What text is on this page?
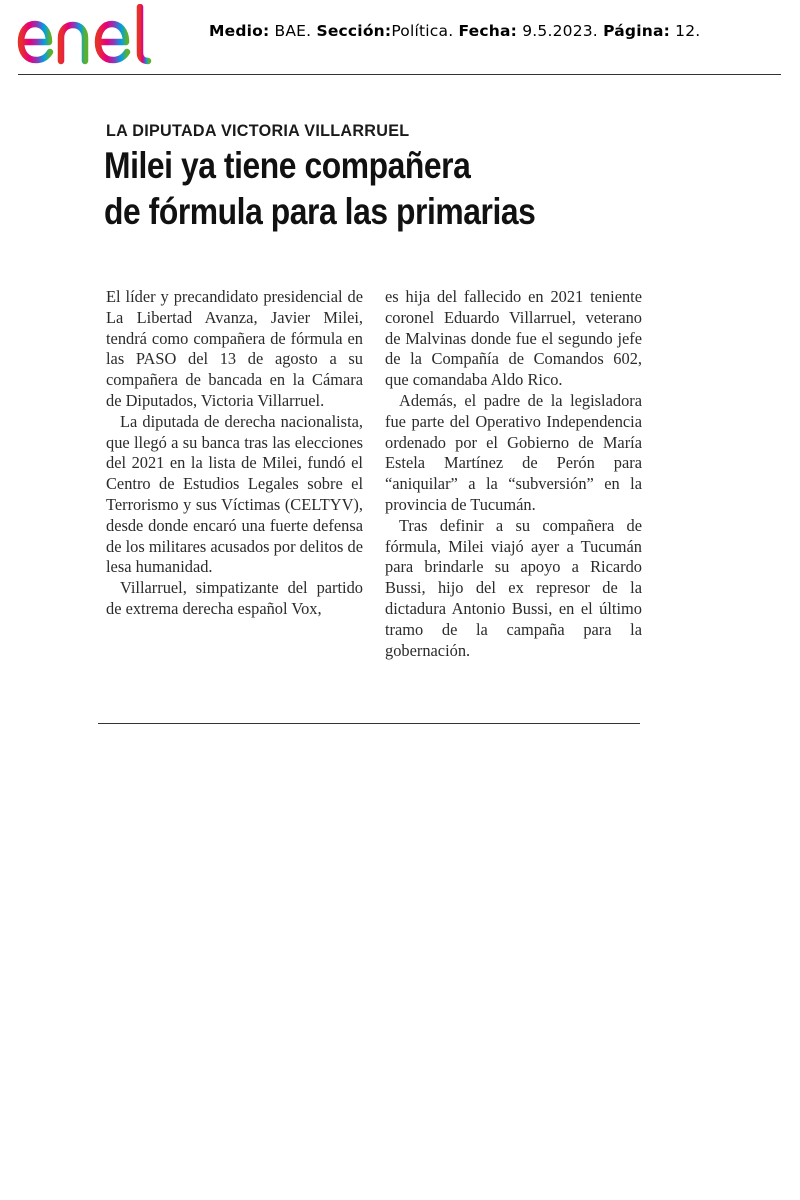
Medio: BAE. Sección:Política. Fecha: 9.5.2023. Página: 12.
LA DIPUTADA VICTORIA VILLARRUEL
Milei ya tiene compañera
de fórmula para las primarias

El líder y precandidato presidencial de La Libertad Avanza, Javier Milei, tendrá como compañera de fórmula en las PASO del 13 de agosto a su compañera de bancada en la Cámara de Diputados, Victoria Villarruel.

La diputada de derecha nacionalista, que llegó a su banca tras las elecciones del 2021 en la lista de Milei, fundó el Centro de Estudios Legales sobre el Terrorismo y sus Víctimas (CELTYV), desde donde encaró una fuerte defensa de los militares acusados por delitos de lesa humanidad.

Villarruel, simpatizante del partido de extrema derecha español Vox,

es hija del fallecido en 2021 teniente coronel Eduardo Villarruel, veterano de Malvinas donde fue el segundo jefe de la Compañía de Comandos 602, que comandaba Aldo Rico.

Además, el padre de la legisladora fue parte del Operativo Independencia ordenado por el Gobierno de María Estela Martínez de Perón para “aniquilar” a la “subversión” en la provincia de Tucumán.

Tras definir a su compañera de fórmula, Milei viajó ayer a Tucumán para brindarle su apoyo a Ricardo Bussi, hijo del ex represor de la dictadura Antonio Bussi, en el último tramo de la campaña para la gobernación.
